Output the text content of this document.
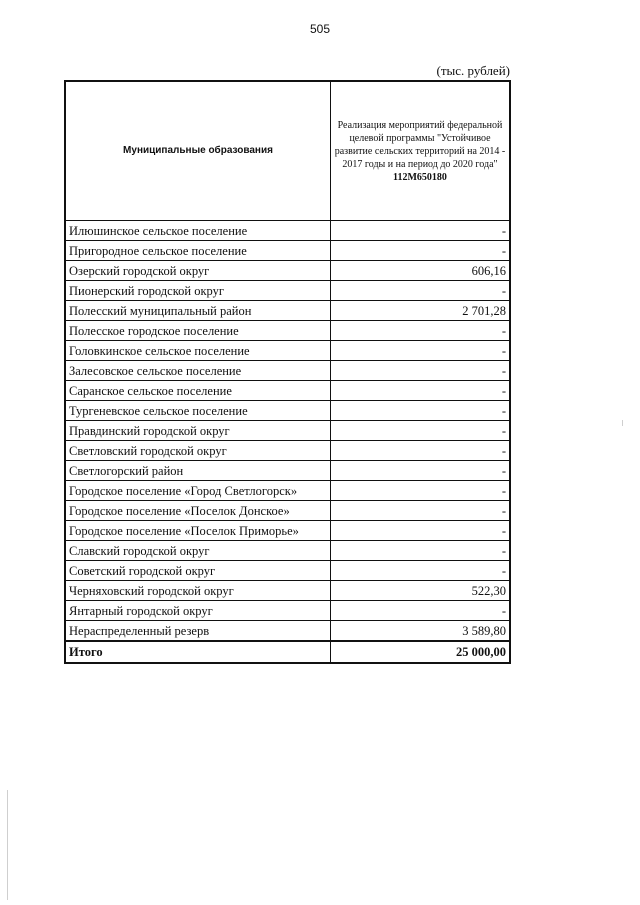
505
(тыс. рублей)
Муниципальные образования	Реализация мероприятий федеральной целевой программы "Устойчивое развитие сельских территорий на 2014 - 2017 годы и на период до 2020 года"
112М650180

Илюшинское сельское поселение	-
Пригородное сельское поселение	-
Озерский городской округ	606,16
Пионерский городской округ	-
Полесский муниципальный район	2 701,28
Полесское городское поселение	-
Головкинское сельское поселение	-
Залесовское сельское поселение	-
Саранское сельское поселение	-
Тургеневское сельское поселение	-
Правдинский городской округ	-
Светловский городской округ	-
Светлогорский район	-
Городское поселение «Город Светлогорск»	-
Городское поселение «Поселок Донское»	-
Городское поселение «Поселок Приморье»	-
Славский городской округ	-
Советский городской округ	-
Черняховский городской округ	522,30
Янтарный городской округ	-
Нераспределенный резерв	3 589,80
Итого	25 000,00
